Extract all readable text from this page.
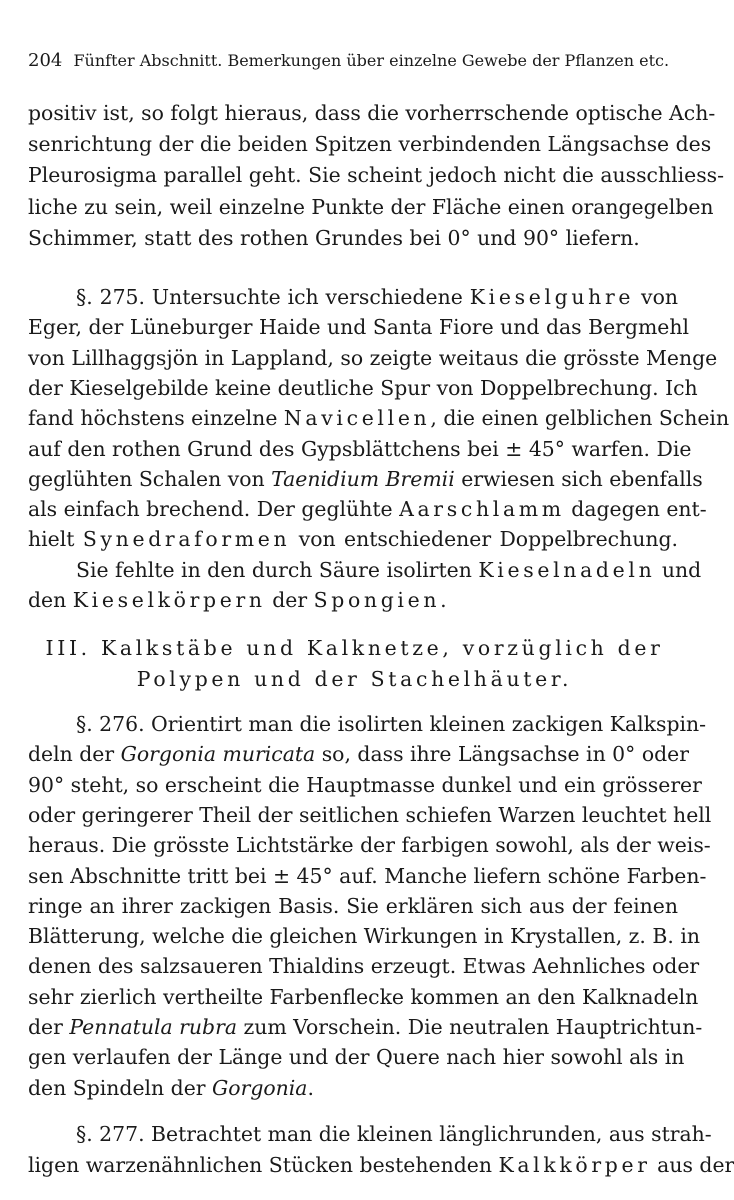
204 Fünfter Abschnitt. Bemerkungen über einzelne Gewebe der Pflanzen etc.
III. Kalkstäbe und Kalknetze, vorzüglich der
Polypen und der Stachelhäuter.
positiv ist, so folgt hieraus, dass die vorherrschende optische Ach-
senrichtung der die beiden Spitzen verbindenden Längsachse des
Pleurosigma parallel geht. Sie scheint jedoch nicht die ausschliess-
liche zu sein, weil einzelne Punkte der Fläche einen orangegelben
Schimmer, statt des rothen Grundes bei 0° und 90° liefern.
§. 275. Untersuchte ich verschiedene Kieselguhre von
Eger, der Lüneburger Haide und Santa Fiore und das Bergmehl
von Lillhaggsjön in Lappland, so zeigte weitaus die grösste Menge
der Kieselgebilde keine deutliche Spur von Doppelbrechung. Ich
fand höchstens einzelne Navicellen, die einen gelblichen Schein
auf den rothen Grund des Gypsblättchens bei ± 45° warfen. Die
geglühten Schalen von Taenidium Bremii erwiesen sich ebenfalls
als einfach brechend. Der geglühte Aarschlamm dagegen ent-
hielt Synedraformen von entschiedener Doppelbrechung.
Sie fehlte in den durch Säure isolirten Kieselnadeln und
den Kieselkörpern der Spongien.
§. 276. Orientirt man die isolirten kleinen zackigen Kalkspin-
deln der Gorgonia muricata so, dass ihre Längsachse in 0° oder
90° steht, so erscheint die Hauptmasse dunkel und ein grösserer
oder geringerer Theil der seitlichen schiefen Warzen leuchtet hell
heraus. Die grösste Lichtstärke der farbigen sowohl, als der weis-
sen Abschnitte tritt bei ± 45° auf. Manche liefern schöne Farben-
ringe an ihrer zackigen Basis. Sie erklären sich aus der feinen
Blätterung, welche die gleichen Wirkungen in Krystallen, z. B. in
denen des salzsaueren Thialdins erzeugt. Etwas Aehnliches oder
sehr zierlich vertheilte Farbenflecke kommen an den Kalknadeln
der Pennatula rubra zum Vorschein. Die neutralen Hauptrichtun-
gen verlaufen der Länge und der Quere nach hier sowohl als in
den Spindeln der Gorgonia.
§. 277. Betrachtet man die kleinen länglichrunden, aus strah-
ligen warzenähnlichen Stücken bestehenden Kalkkörper aus der
